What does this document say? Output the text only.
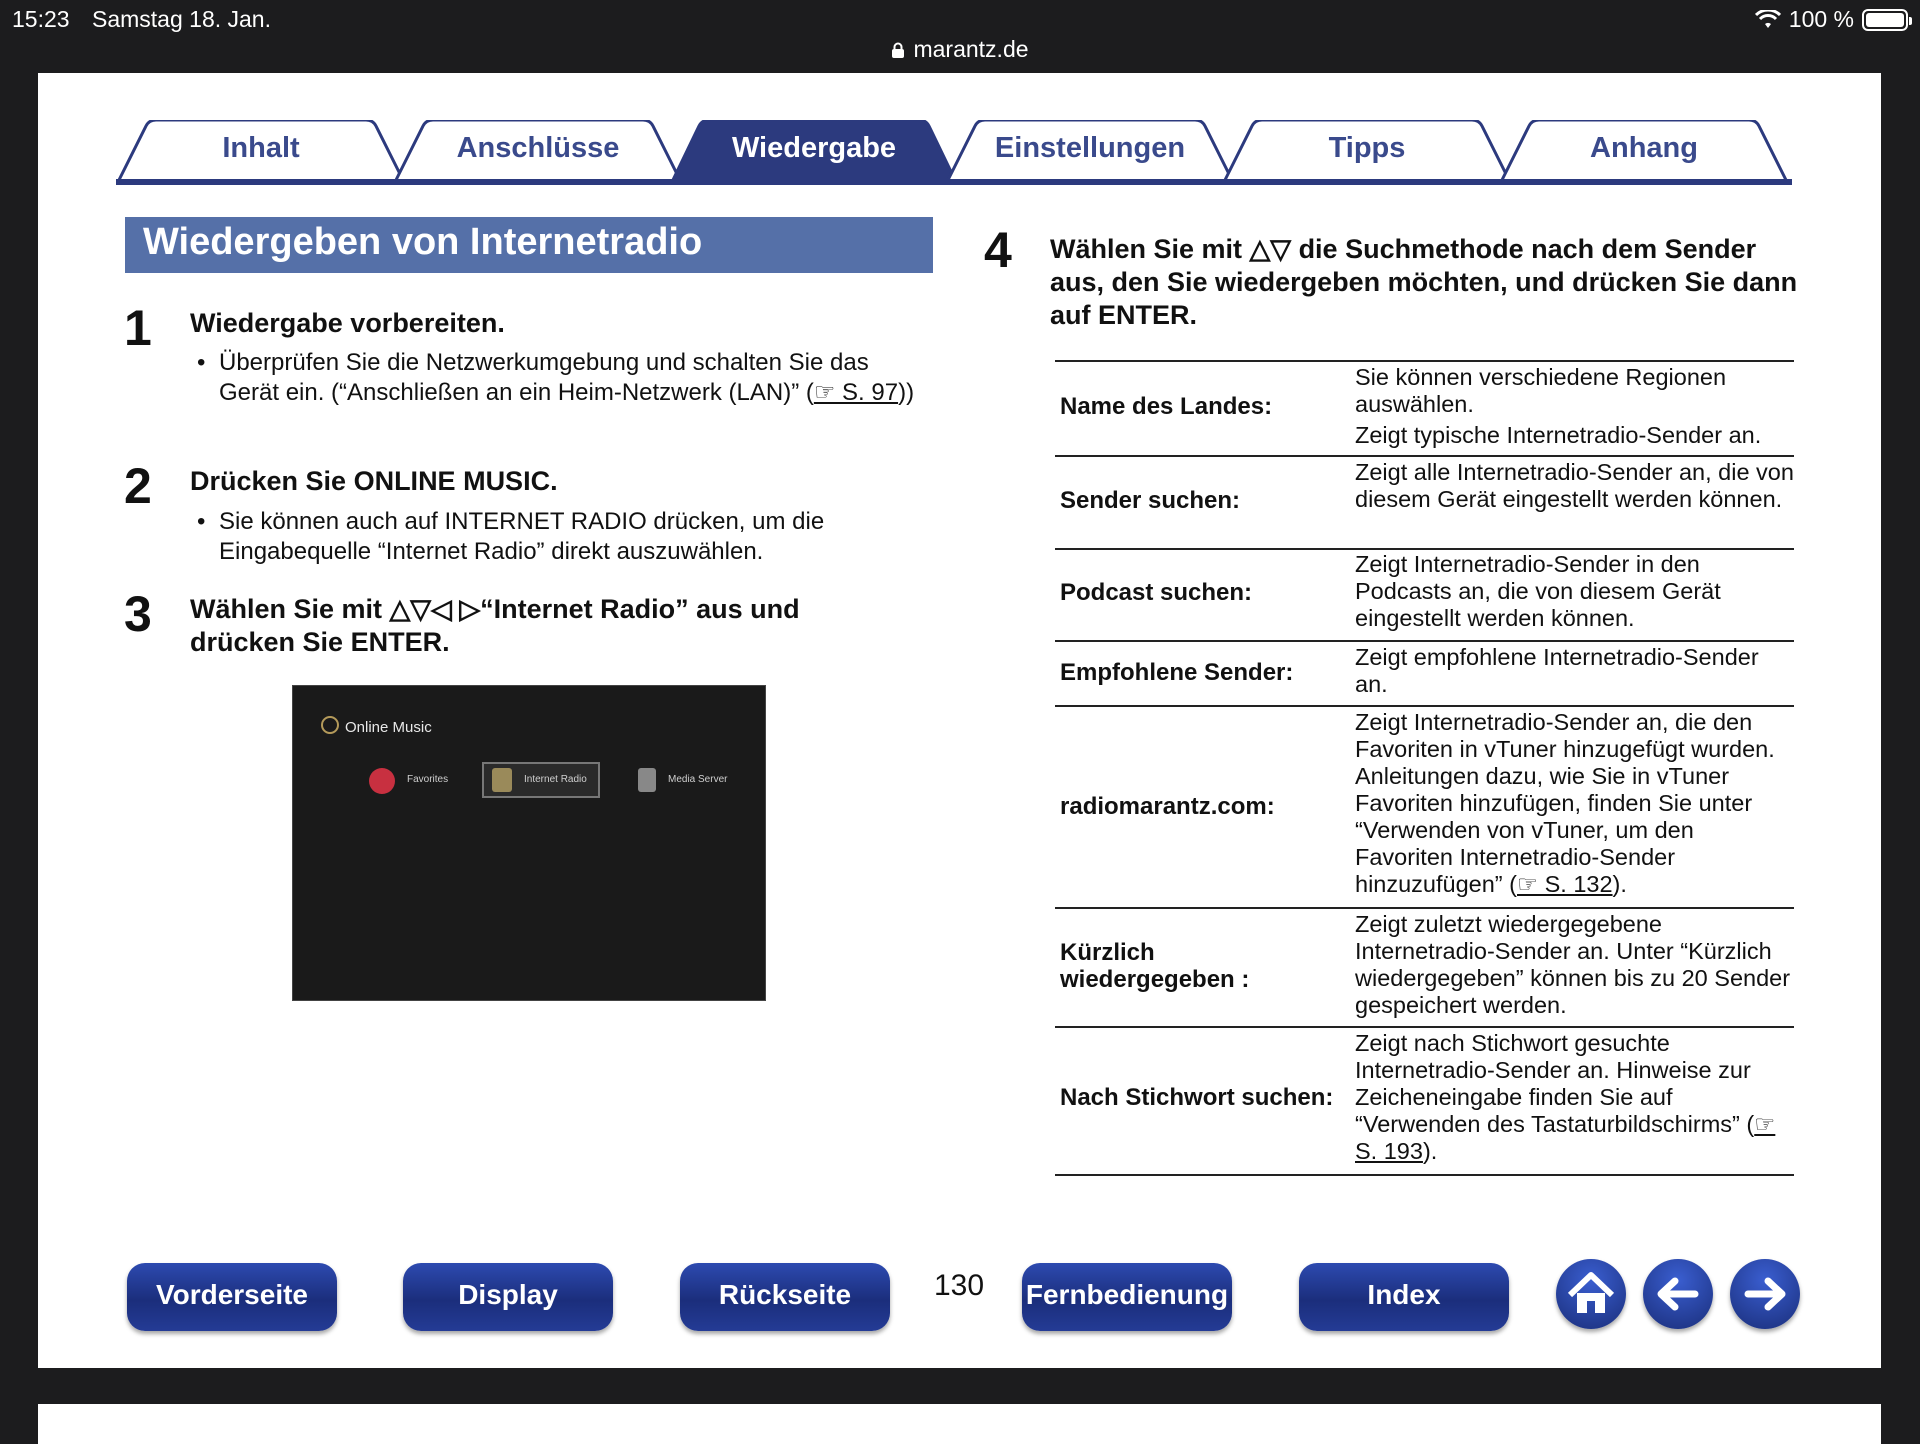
15:23 Samstag 18. Jan.	100 %
marantz.de
Inhalt	Anschlüsse	Wiedergabe	Einstellungen	Tipps	Anhang
Wiedergeben von Internetradio
1 Wiedergabe vorbereiten.
• Überprüfen Sie die Netzwerkumgebung und schalten Sie das Gerät ein. (“Anschließen an ein Heim-Netzwerk (LAN)” (☞ S. 97))
2 Drücken Sie ONLINE MUSIC.
• Sie können auch auf INTERNET RADIO drücken, um die Eingabequelle “Internet Radio” direkt auszuwählen.
3 Wählen Sie mit △▽◁ ▷“Internet Radio” aus und drücken Sie ENTER.
Online Music
Favorites	Internet Radio	Media Server
4 Wählen Sie mit △▽ die Suchmethode nach dem Sender aus, den Sie wiedergeben möchten, und drücken Sie dann auf ENTER.
Name des Landes:
Sie können verschiedene Regionen auswählen.
Zeigt typische Internetradio-Sender an.
Sender suchen:
Zeigt alle Internetradio-Sender an, die von diesem Gerät eingestellt werden können.
Podcast suchen:
Zeigt Internetradio-Sender in den Podcasts an, die von diesem Gerät eingestellt werden können.
Empfohlene Sender:
Zeigt empfohlene Internetradio-Sender an.
radiomarantz.com:
Zeigt Internetradio-Sender an, die den Favoriten in vTuner hinzugefügt wurden. Anleitungen dazu, wie Sie in vTuner Favoriten hinzufügen, finden Sie unter “Verwenden von vTuner, um den Favoriten Internetradio-Sender hinzuzufügen” (☞ S. 132).
Kürzlich wiedergegeben :
Zeigt zuletzt wiedergegebene Internetradio-Sender an. Unter “Kürzlich wiedergegeben” können bis zu 20 Sender gespeichert werden.
Nach Stichwort suchen:
Zeigt nach Stichwort gesuchte Internetradio-Sender an. Hinweise zur Zeicheneingabe finden Sie auf “Verwenden des Tastaturbildschirms” (☞ S. 193).
Vorderseite	Display	Rückseite	130 Fernbedienung	Index
